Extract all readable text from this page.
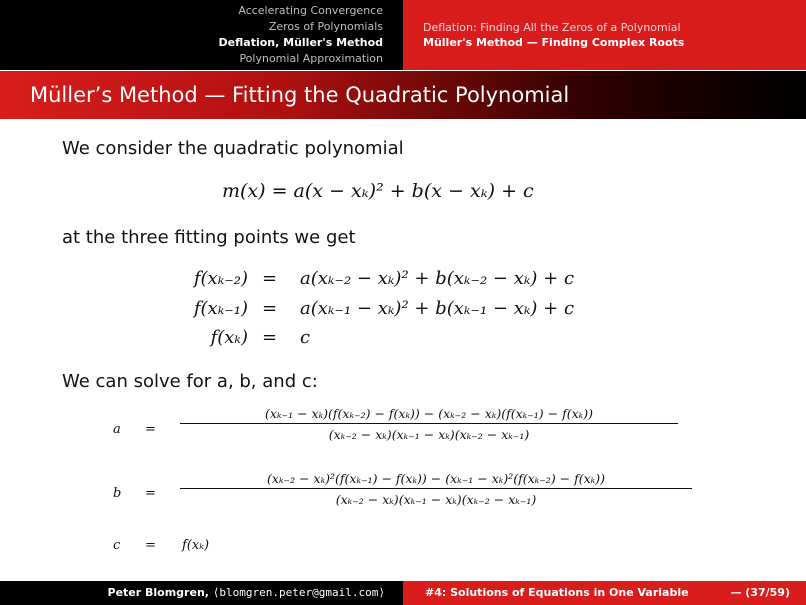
Accelerating Convergence
Zeros of Polynomials
Deflation, Müller's Method
Polynomial Approximation
Deflation: Finding All the Zeros of a Polynomial
Müller's Method — Finding Complex Roots
Müller’s Method — Fitting the Quadratic Polynomial
We consider the quadratic polynomial
m(x) = a(x − xₖ)² + b(x − xₖ) + c
at the three fitting points we get
f(xₖ₋₂) = a(xₖ₋₂ − xₖ)² + b(xₖ₋₂ − xₖ) + c
f(xₖ₋₁) = a(xₖ₋₁ − xₖ)² + b(xₖ₋₁ − xₖ) + c
f(xₖ) = c
We can solve for a, b, and c:
$a = \frac{\text{(xₖ₋₁ − xₖ)(f(xₖ₋₂) − f(xₖ)) − (xₖ₋₂ − xₖ)(f(xₖ₋₁) − f(xₖ))}}{\text{(xₖ₋₂ − xₖ)(xₖ₋₁ − xₖ)(xₖ₋₂ − xₖ₋₁)}}$
b =
(xₖ₋₂ − xₖ)²(f(xₖ₋₁) − f(xₖ)) − (xₖ₋₁ − xₖ)²(f(xₖ₋₂) − f(xₖ))
(xₖ₋₂ − xₖ)(xₖ₋₁ − xₖ)(xₖ₋₂ − xₖ₋₁)
c = f(xₖ)
Peter Blomgren, ⟨blomgren.peter@gmail.com⟩	#4: Solutions of Equations in One Variable	— (37/59)
